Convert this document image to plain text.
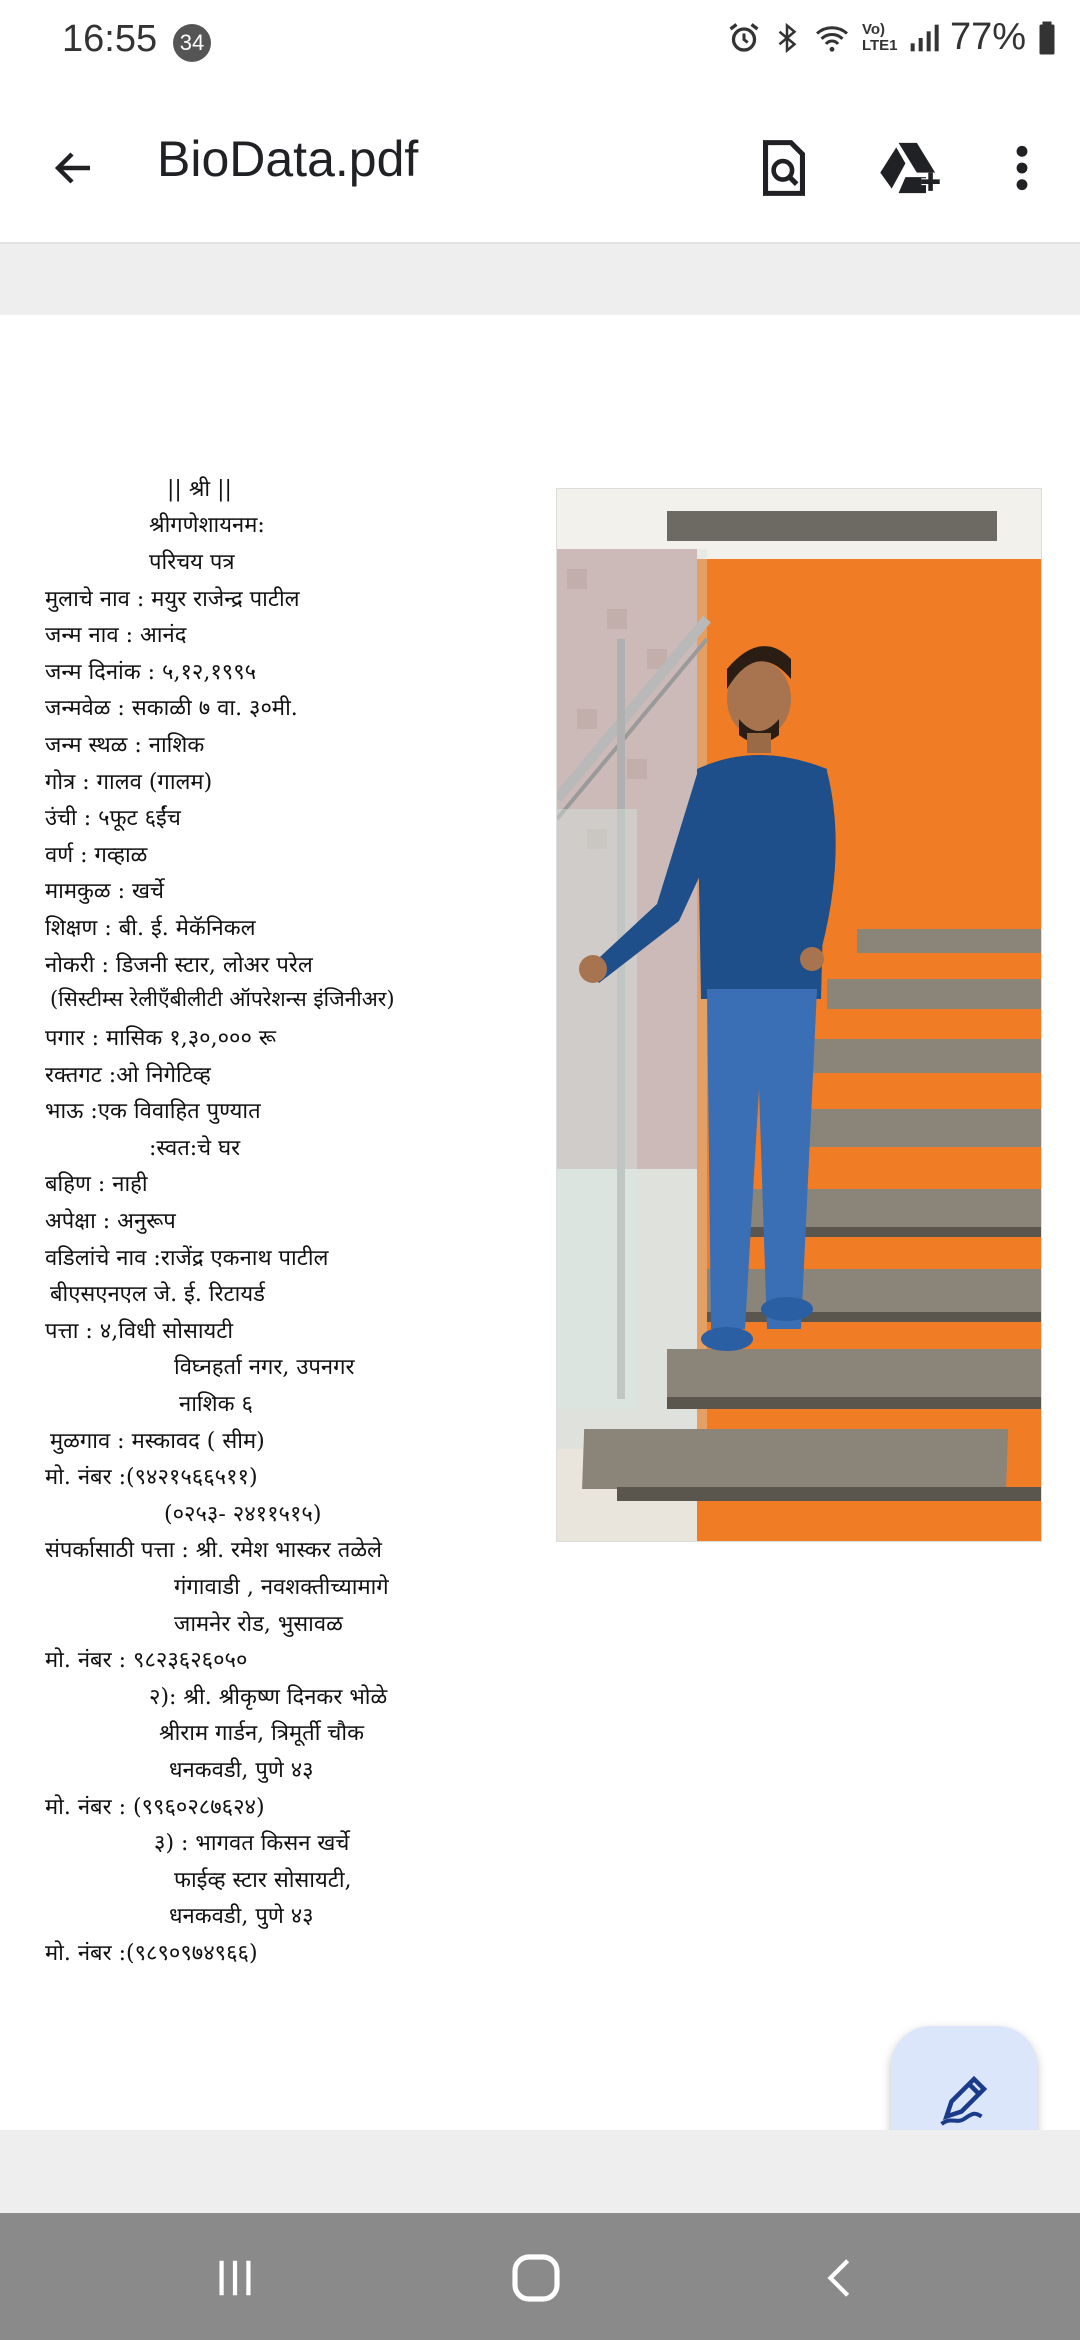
16:55	34
Vo) LTE1 77%
BioData.pdf
|| श्री ||
श्रीगणेशायनम:
परिचय पत्र
मुलाचे नाव : मयुर राजेन्द्र पाटील
जन्म नाव : आनंद
जन्म दिनांक : ५,१२,१९९५
जन्मवेळ : सकाळी ७ वा. ३०मी.
जन्म स्थळ : नाशिक
गोत्र : गालव (गालम)
उंची : ५फूट ६ईंच
वर्ण : गव्हाळ
मामकुळ : खर्चे
शिक्षण : बी. ई. मेकॅनिकल
नोकरी : डिजनी स्टार, लोअर परेल
(सिस्टीम्स रेलीएँबीलीटी ऑपरेशन्स इंजिनीअर)
पगार : मासिक १,३०,००० रू
रक्तगट :ओ निगेटिव्ह
भाऊ :एक विवाहित पुण्यात
:स्वत:चे घर
बहिण : नाही
अपेक्षा : अनुरूप
वडिलांचे नाव :राजेंद्र एकनाथ पाटील
बीएसएनएल जे. ई. रिटायर्ड
पत्ता : ४,विधी सोसायटी
विघ्नहर्ता नगर, उपनगर
नाशिक ६
मुळगाव : मस्कावद ( सीम)
मो. नंबर :(९४२१५६६५११)
(०२५३- २४११५१५)
संपर्कासाठी पत्ता : श्री. रमेश भास्कर तळेले
गंगावाडी , नवशक्तीच्यामागे
जामनेर रोड, भुसावळ
मो. नंबर : ९८२३६२६०५०
२): श्री. श्रीकृष्ण दिनकर भोळे
श्रीराम गार्डन, त्रिमूर्ती चौक
धनकवडी, पुणे ४३
मो. नंबर : (९९६०२८७६२४)
३) : भागवत किसन खर्चे
फाईव्ह स्टार सोसायटी,
धनकवडी, पुणे ४३
मो. नंबर :(९८९०९७४९६६)
